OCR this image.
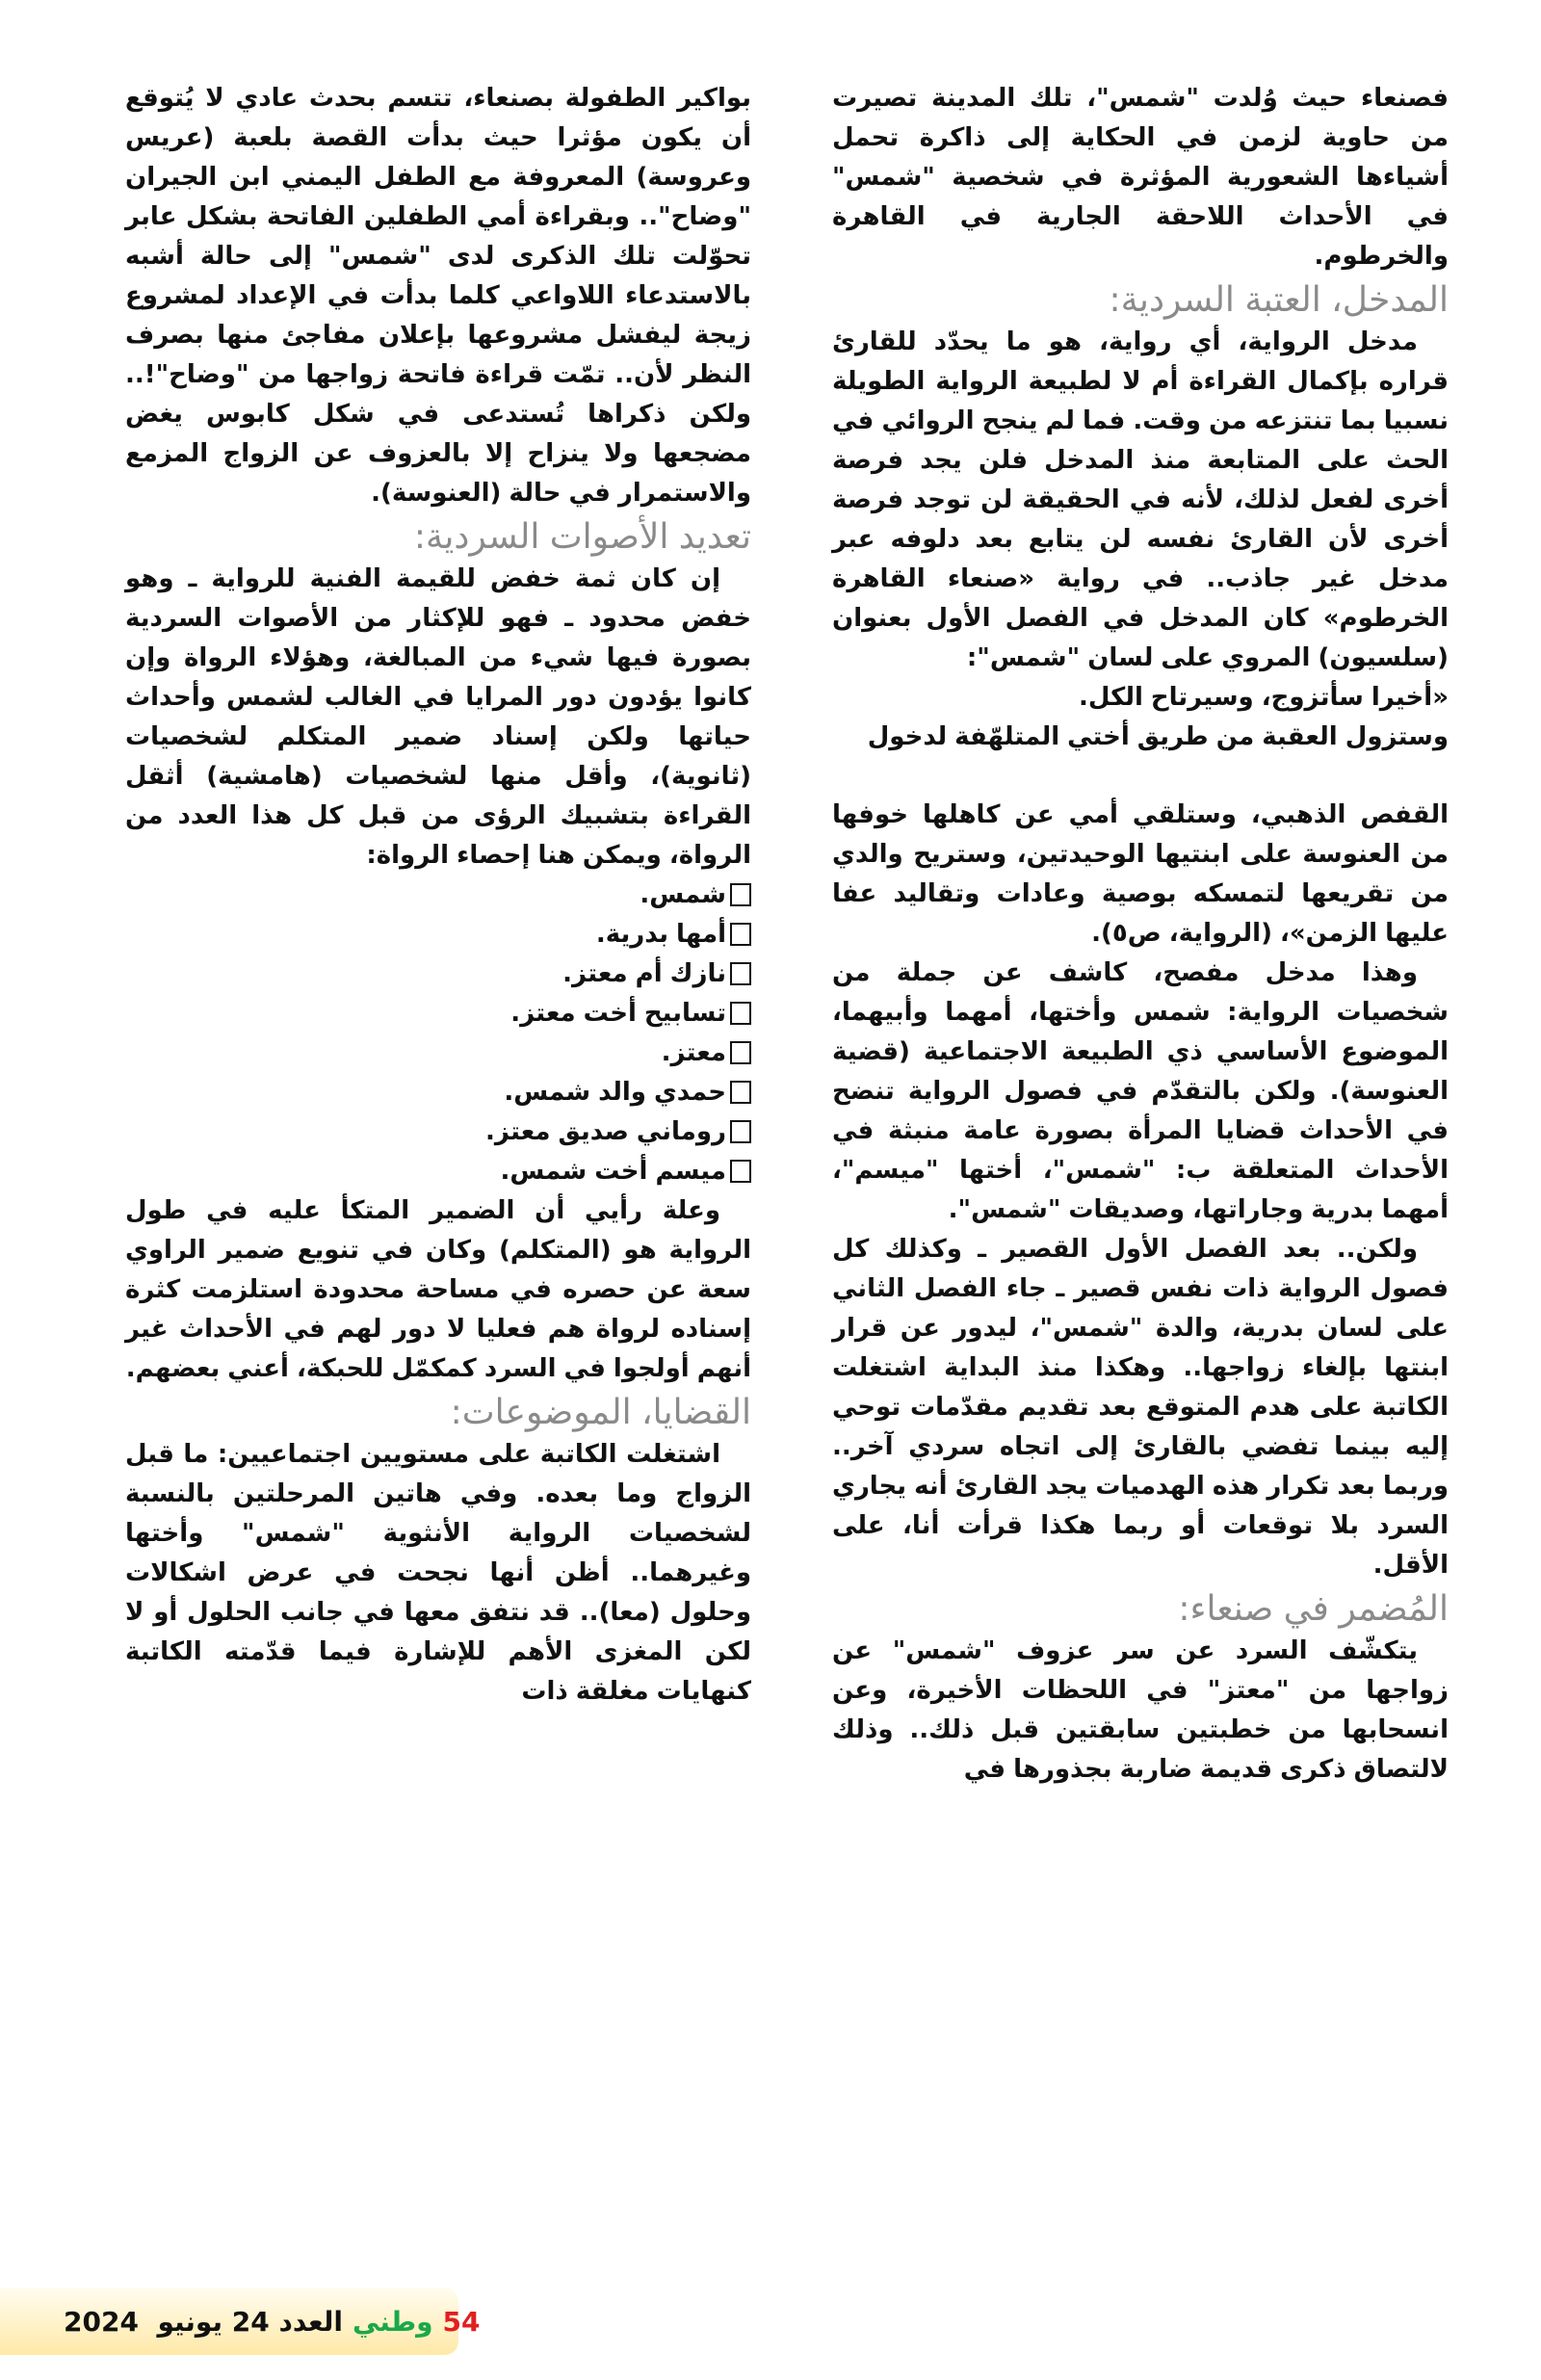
فصنعاء حيث وُلدت "شمس"، تلك المدينة تصيرت من حاوية لزمن في الحكاية إلى ذاكرة تحمل أشياءها الشعورية المؤثرة في شخصية "شمس" في الأحداث اللاحقة الجارية في القاهرة والخرطوم.

المدخل، العتبة السردية:

مدخل الرواية، أي رواية، هو ما يحدّد للقارئ قراره بإكمال القراءة أم لا لطبيعة الرواية الطويلة نسبيا بما تنتزعه من وقت. فما لم ينجح الروائي في الحث على المتابعة منذ المدخل فلن يجد فرصة أخرى لفعل لذلك، لأنه في الحقيقة لن توجد فرصة أخرى لأن القارئ نفسه لن يتابع بعد دلوفه عبر مدخل غير جاذب.. في رواية «صنعاء القاهرة الخرطوم» كان المدخل في الفصل الأول بعنوان (سلسيون) المروي على لسان "شمس":

«أخيرا سأتزوج، وسيرتاح الكل.

وستزول العقبة من طريق أختي المتلهّفة لدخول

القفص الذهبي، وستلقي أمي عن كاهلها خوفها من العنوسة على ابنتيها الوحيدتين، وستريح والدي من تقريعها لتمسكه بوصية وعادات وتقاليد عفا عليها الزمن»، (الرواية، ص٥).

وهذا مدخل مفصح، كاشف عن جملة من شخصيات الرواية: شمس وأختها، أمهما وأبيهما، الموضوع الأساسي ذي الطبيعة الاجتماعية (قضية العنوسة). ولكن بالتقدّم في فصول الرواية تنضح في الأحداث قضايا المرأة بصورة عامة منبثة في الأحداث المتعلقة ب: "شمس"، أختها "ميسم"، أمهما بدرية وجاراتها، وصديقات "شمس".

ولكن.. بعد الفصل الأول القصير ـ وكذلك كل فصول الرواية ذات نفس قصير ـ جاء الفصل الثاني على لسان بدرية، والدة "شمس"، ليدور عن قرار ابنتها بإلغاء زواجها.. وهكذا منذ البداية اشتغلت الكاتبة على هدم المتوقع بعد تقديم مقدّمات توحي إليه بينما تفضي بالقارئ إلى اتجاه سردي آخر.. وربما بعد تكرار هذه الهدميات يجد القارئ أنه يجاري السرد بلا توقعات أو ربما هكذا قرأت أنا، على الأقل.

المُضمر في صنعاء:

يتكشّف السرد عن سر عزوف "شمس" عن زواجها من "معتز" في اللحظات الأخيرة، وعن انسحابها من خطبتين سابقتين قبل ذلك.. وذلك لالتصاق ذكرى قديمة ضاربة بجذورها في

بواكير الطفولة بصنعاء، تتسم بحدث عادي لا يُتوقع أن يكون مؤثرا حيث بدأت القصة بلعبة (عريس وعروسة) المعروفة مع الطفل اليمني ابن الجيران "وضاح".. وبقراءة أمي الطفلين الفاتحة بشكل عابر تحوّلت تلك الذكرى لدى "شمس" إلى حالة أشبه بالاستدعاء اللاواعي كلما بدأت في الإعداد لمشروع زيجة ليفشل مشروعها بإعلان مفاجئ منها بصرف النظر لأن.. تمّت قراءة فاتحة زواجها من "وضاح"!.. ولكن ذكراها تُستدعى في شكل كابوس يغض مضجعها ولا ينزاح إلا بالعزوف عن الزواج المزمع والاستمرار في حالة (العنوسة).

تعديد الأصوات السردية:

إن كان ثمة خفض للقيمة الفنية للرواية ـ وهو خفض محدود ـ فهو للإكثار من الأصوات السردية بصورة فيها شيء من المبالغة، وهؤلاء الرواة وإن كانوا يؤدون دور المرايا في الغالب لشمس وأحداث حياتها ولكن إسناد ضمير المتكلم لشخصيات (ثانوية)، وأقل منها لشخصيات (هامشية) أثقل القراءة بتشبيك الرؤى من قبل كل هذا العدد من الرواة، ويمكن هنا إحصاء الرواة:

شمس.
أمها بدرية.
نازك أم معتز.
تسابيح أخت معتز.
معتز.
حمدي والد شمس.
روماني صديق معتز.
ميسم أخت شمس.

وعلة رأيي أن الضمير المتكأ عليه في طول الرواية هو (المتكلم) وكان في تنويع ضمير الراوي سعة عن حصره في مساحة محدودة استلزمت كثرة إسناده لرواة هم فعليا لا دور لهم في الأحداث غير أنهم أولجوا في السرد كمكمّل للحبكة، أعني بعضهم.

القضايا، الموضوعات:

اشتغلت الكاتبة على مستويين اجتماعيين: ما قبل الزواج وما بعده. وفي هاتين المرحلتين بالنسبة لشخصيات الرواية الأنثوية "شمس" وأختها وغيرهما.. أظن أنها نجحت في عرض اشكالات وحلول (معا).. قد نتفق معها في جانب الحلول أو لا لكن المغزى الأهم للإشارة فيما قدّمته الكاتبة كنهايات مغلقة ذات

2024
يونيو
العدد 24 وطني 54
